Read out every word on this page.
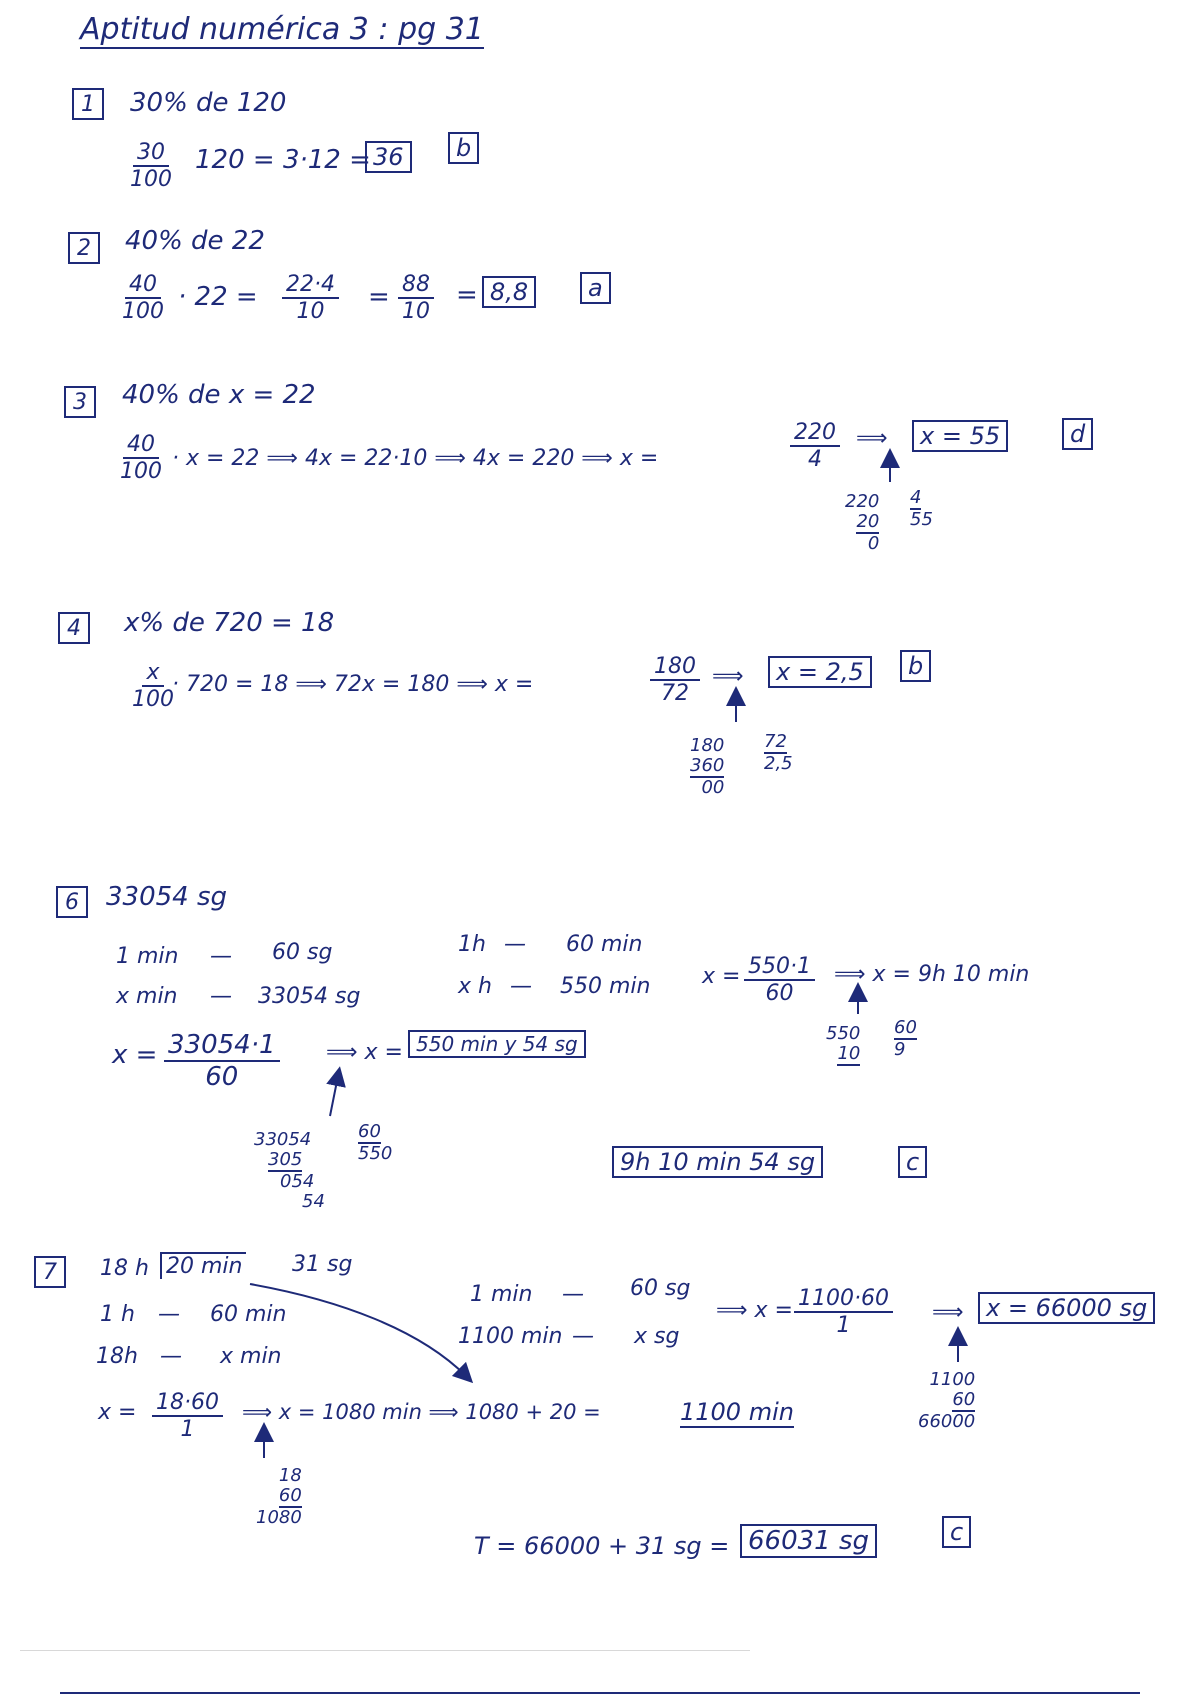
Aptitud numérica 3 : pg 31
1	30% de 120
$\frac{30}{100} 120 = 3\cdot 12 = 36$	b
2	40% de 22
$\frac{40}{100} \cdot 22 = \frac{22\cdot 4}{10} = \frac{88}{10} = 8,8$	a
3	40% de x = 22
$\frac{40}{100} \cdot x = 22$ ⟹ 4x = 22·10 ⟹ 4x = 220 ⟹ x =	$\frac{220}{4}$ ⟹	x = 55	d
220
20
0
4
55
4	x% de 720 = 18
$\frac{x}{100}$
· 720 = 18 ⟹ 72x = 180 ⟹ x =	$\frac{180}{72}$ ⟹	x = 2,5	b
180
360
00
72
2,5
6	33054 sg
1 min — 60 sg
x min — 33054 sg
$x = \frac{33054\cdot 1}{60}$ ⟹ x = 550 min y 54 sg
1h — 60 min
x h — 550 $\min x = \frac{550\cdot 1}{60}$ ⟹ x = 9h 10 min
33054
305
054
54
60
550
550
10
60
9
9h 10 min 54 sg	c
7	18 h 20 min 31 sg
1 h — 60 min
18h — x min
$x = \frac{18\cdot 60}{1}$ ⟹ x = 1080 min ⟹ 1080 + 20 =	1100 min
18
60
1080
1 min — 60 sg
1100 min — x sg
⟹ $x = \frac{1100\cdot 60}{1}$ ⟹ x = 66000 sg
1100
60
66000
T = 66000 + 31 sg = 66031 sg	c
